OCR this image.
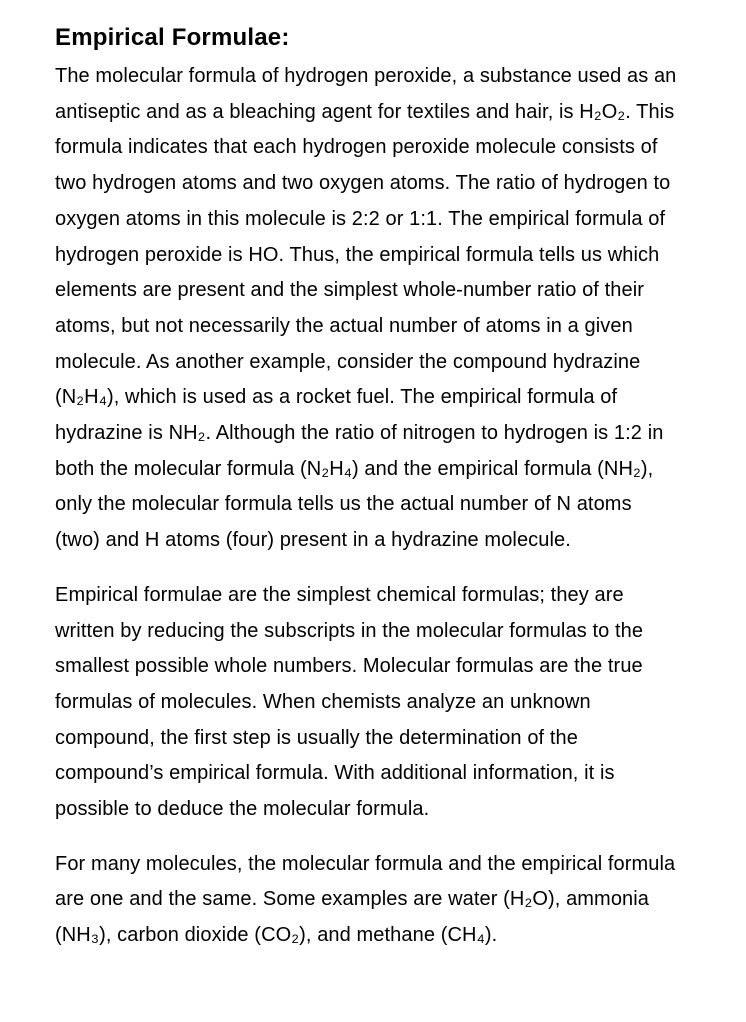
Empirical Formulae:
The molecular formula of hydrogen peroxide, a substance used as an
antiseptic and as a bleaching agent for textiles and hair, is H₂O₂. This
formula indicates that each hydrogen peroxide molecule consists of
two hydrogen atoms and two oxygen atoms. The ratio of hydrogen to
oxygen atoms in this molecule is 2:2 or 1:1. The empirical formula of
hydrogen peroxide is HO. Thus, the empirical formula tells us which
elements are present and the simplest whole-number ratio of their
atoms, but not necessarily the actual number of atoms in a given
molecule. As another example, consider the compound hydrazine
(N₂H₄), which is used as a rocket fuel. The empirical formula of
hydrazine is NH₂. Although the ratio of nitrogen to hydrogen is 1:2 in
both the molecular formula (N₂H₄) and the empirical formula (NH₂),
only the molecular formula tells us the actual number of N atoms
(two) and H atoms (four) present in a hydrazine molecule.
Empirical formulae are the simplest chemical formulas; they are
written by reducing the subscripts in the molecular formulas to the
smallest possible whole numbers. Molecular formulas are the true
formulas of molecules. When chemists analyze an unknown
compound, the first step is usually the determination of the
compound’s empirical formula. With additional information, it is
possible to deduce the molecular formula.
For many molecules, the molecular formula and the empirical formula
are one and the same. Some examples are water (H₂O), ammonia
(NH₃), carbon dioxide (CO₂), and methane (CH₄).
